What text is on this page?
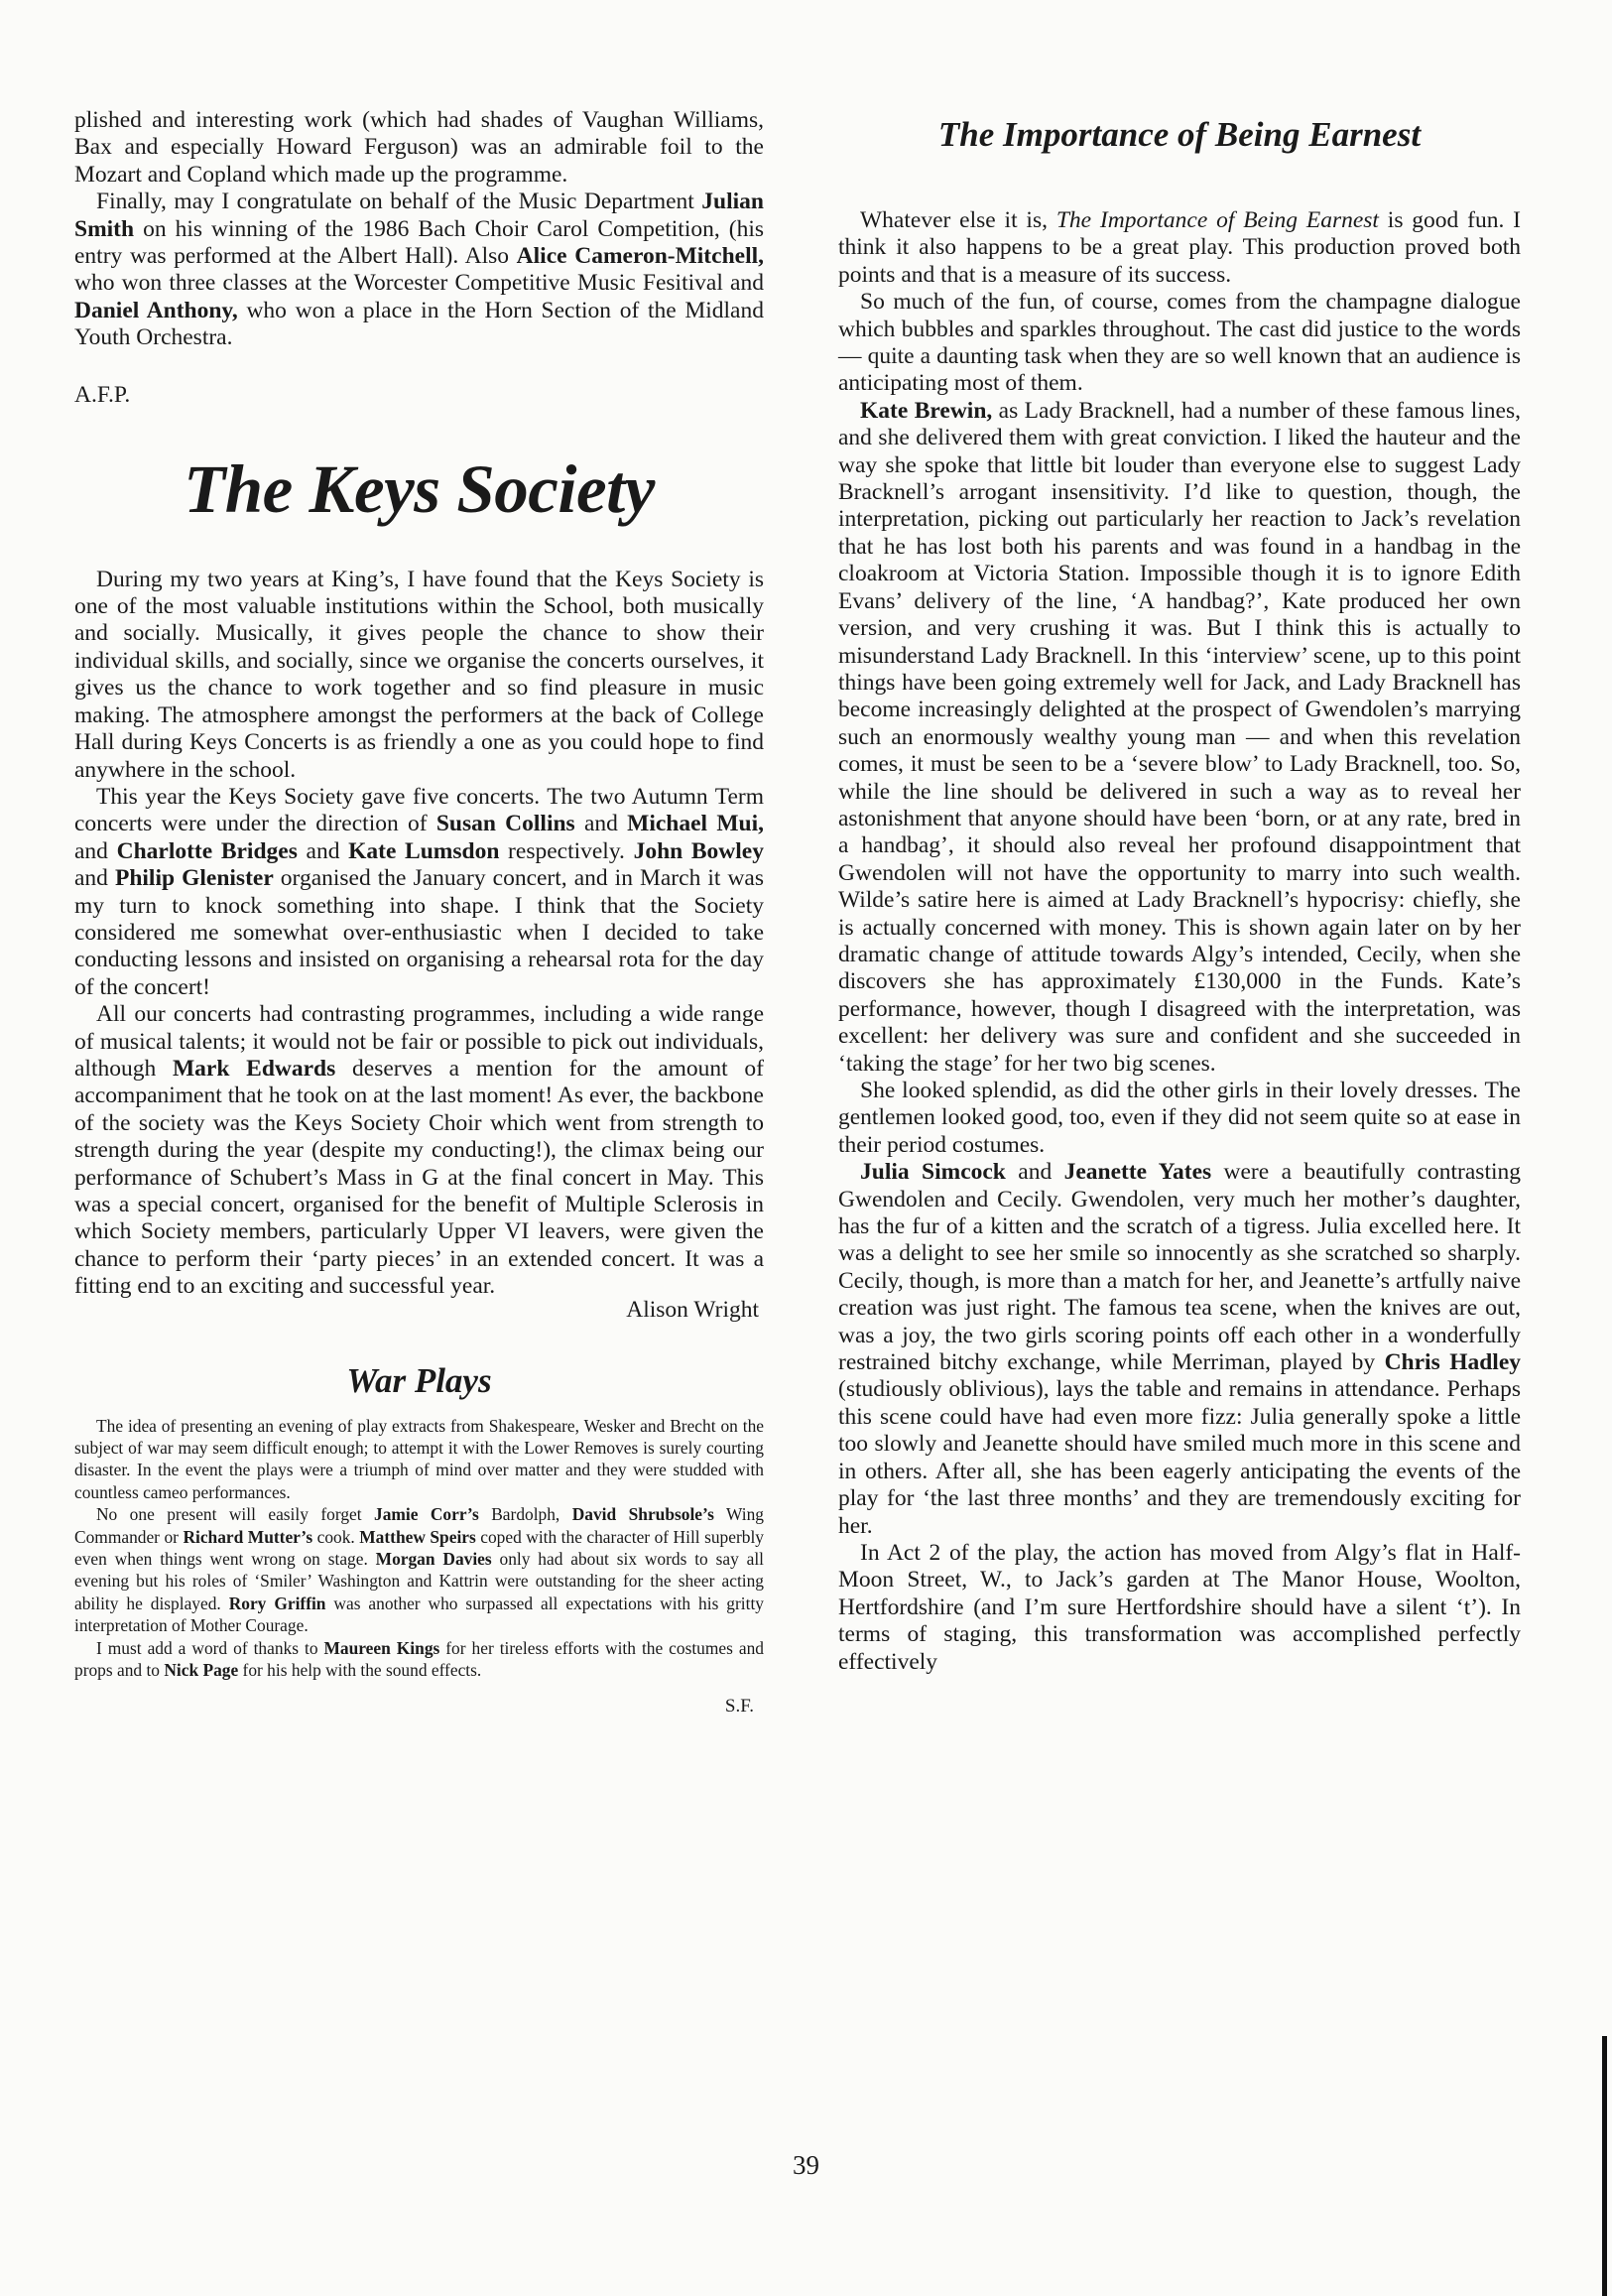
plished and interesting work (which had shades of Vaughan Williams, Bax and especially Howard Ferguson) was an admirable foil to the Mozart and Copland which made up the programme.

Finally, may I congratulate on behalf of the Music Department Julian Smith on his winning of the 1986 Bach Choir Carol Competition, (his entry was performed at the Albert Hall). Also Alice Cameron-Mitchell, who won three classes at the Worcester Competitive Music Fesitival and Daniel Anthony, who won a place in the Horn Section of the Midland Youth Orchestra.

A.F.P.
The Keys Society

During my two years at King’s, I have found that the Keys Society is one of the most valuable institutions within the School, both musically and socially. Musically, it gives people the chance to show their individual skills, and socially, since we organise the concerts ourselves, it gives us the chance to work together and so find pleasure in music making. The atmosphere amongst the performers at the back of College Hall during Keys Concerts is as friendly a one as you could hope to find anywhere in the school.

This year the Keys Society gave five concerts. The two Autumn Term concerts were under the direction of Susan Collins and Michael Mui, and Charlotte Bridges and Kate Lumsdon respectively. John Bowley and Philip Glenister organised the January concert, and in March it was my turn to knock something into shape. I think that the Society considered me somewhat over-enthusiastic when I decided to take conducting lessons and insisted on organising a rehearsal rota for the day of the concert!

All our concerts had contrasting programmes, including a wide range of musical talents; it would not be fair or possible to pick out individuals, although Mark Edwards deserves a mention for the amount of accompaniment that he took on at the last moment! As ever, the backbone of the society was the Keys Society Choir which went from strength to strength during the year (despite my conducting!), the climax being our performance of Schubert’s Mass in G at the final concert in May. This was a special concert, organised for the benefit of Multiple Sclerosis in which Society members, particularly Upper VI leavers, were given the chance to perform their ‘party pieces’ in an extended concert. It was a fitting end to an exciting and successful year.

Alison Wright
War Plays

The idea of presenting an evening of play extracts from Shakespeare, Wesker and Brecht on the subject of war may seem difficult enough; to attempt it with the Lower Removes is surely courting disaster. In the event the plays were a triumph of mind over matter and they were studded with countless cameo performances.

No one present will easily forget Jamie Corr’s Bardolph, David Shrubsole’s Wing Commander or Richard Mutter’s cook. Matthew Speirs coped with the character of Hill superbly even when things went wrong on stage. Morgan Davies only had about six words to say all evening but his roles of ‘Smiler’ Washington and Kattrin were outstanding for the sheer acting ability he displayed. Rory Griffin was another who surpassed all expectations with his gritty interpretation of Mother Courage.

I must add a word of thanks to Maureen Kings for her tireless efforts with the costumes and props and to Nick Page for his help with the sound effects.

S.F.
The Importance of Being Earnest

Whatever else it is, The Importance of Being Earnest is good fun. I think it also happens to be a great play. This production proved both points and that is a measure of its success.

So much of the fun, of course, comes from the champagne dialogue which bubbles and sparkles throughout. The cast did justice to the words — quite a daunting task when they are so well known that an audience is anticipating most of them.

Kate Brewin, as Lady Bracknell, had a number of these famous lines, and she delivered them with great conviction. I liked the hauteur and the way she spoke that little bit louder than everyone else to suggest Lady Bracknell’s arrogant insensitivity. I’d like to question, though, the interpretation, picking out particularly her reaction to Jack’s revelation that he has lost both his parents and was found in a handbag in the cloakroom at Victoria Station. Impossible though it is to ignore Edith Evans’ delivery of the line, ‘A handbag?’, Kate produced her own version, and very crushing it was. But I think this is actually to misunderstand Lady Bracknell. In this ‘interview’ scene, up to this point things have been going extremely well for Jack, and Lady Bracknell has become increasingly delighted at the prospect of Gwendolen’s marrying such an enormously wealthy young man — and when this revelation comes, it must be seen to be a ‘severe blow’ to Lady Bracknell, too. So, while the line should be delivered in such a way as to reveal her astonishment that anyone should have been ‘born, or at any rate, bred in a handbag’, it should also reveal her profound disappointment that Gwendolen will not have the opportunity to marry into such wealth. Wilde’s satire here is aimed at Lady Bracknell’s hypocrisy: chiefly, she is actually concerned with money. This is shown again later on by her dramatic change of attitude towards Algy’s intended, Cecily, when she discovers she has approximately £130,000 in the Funds. Kate’s performance, however, though I disagreed with the interpretation, was excellent: her delivery was sure and confident and she succeeded in ‘taking the stage’ for her two big scenes.

She looked splendid, as did the other girls in their lovely dresses. The gentlemen looked good, too, even if they did not seem quite so at ease in their period costumes.

Julia Simcock and Jeanette Yates were a beautifully contrasting Gwendolen and Cecily. Gwendolen, very much her mother’s daughter, has the fur of a kitten and the scratch of a tigress. Julia excelled here. It was a delight to see her smile so innocently as she scratched so sharply. Cecily, though, is more than a match for her, and Jeanette’s artfully naive creation was just right. The famous tea scene, when the knives are out, was a joy, the two girls scoring points off each other in a wonderfully restrained bitchy exchange, while Merriman, played by Chris Hadley (studiously oblivious), lays the table and remains in attendance. Perhaps this scene could have had even more fizz: Julia generally spoke a little too slowly and Jeanette should have smiled much more in this scene and in others. After all, she has been eagerly anticipating the events of the play for ‘the last three months’ and they are tremendously exciting for her.

In Act 2 of the play, the action has moved from Algy’s flat in Half-Moon Street, W., to Jack’s garden at The Manor House, Woolton, Hertfordshire (and I’m sure Hertfordshire should have a silent ‘t’). In terms of staging, this transformation was accomplished perfectly effectively

39
